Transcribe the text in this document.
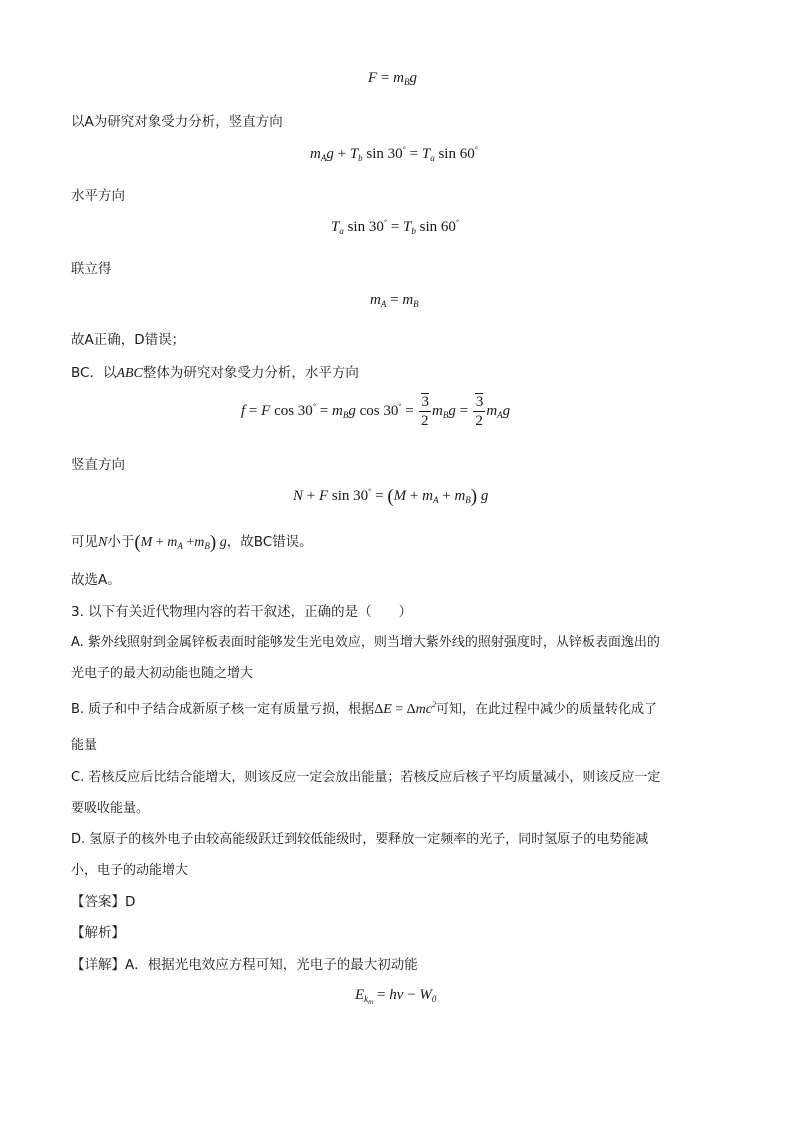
$F = m_Bg$
以A为研究对象受力分析，竖直方向
$m_Ag + T_b$ $\sin 30^\circ = T_a$ sin 60°
水平方向
$T_a$ $\sin 30^\circ = T_b$ sin 60°
联立得
$m_A = m_B$
故A正确，D错误；
BC．以ABC整体为研究对象受力分析，水平方向
f = F $\cos 30^\circ = m_Bg$ $\cos 30^\circ = \frac{3}{2} m_Bg = \frac{3}{2} m_Ag$
竖直方向
N + F $\sin 30^\circ = (M + m_A + m_B)$ g
可见N小于$(M + m_A +m_B)$ g，故BC错误。
故选A。
3. 以下有关近代物理内容的若干叙述，正确的是（　　）
A. 紫外线照射到金属锌板表面时能够发生光电效应，则当增大紫外线的照射强度时，从锌板表面逸出的
光电子的最大初动能也随之增大
B. 质子和中子结合成新原子核一定有质量亏损，根据ΔE = Δmc$^2$可知，在此过程中减少的质量转化成了
能量
C. 若核反应后比结合能增大，则该反应一定会放出能量；若核反应后核子平均质量减小，则该反应一定
要吸收能量。
D. 氢原子的核外电子由较高能级跃迁到较低能级时，要释放一定频率的光子，同时氢原子的电势能减
小，电子的动能增大
【答案】D
【解析】
【详解】A．根据光电效应方程可知，光电子的最大初动能
$E_{k_m} = h\nu - W_0$
